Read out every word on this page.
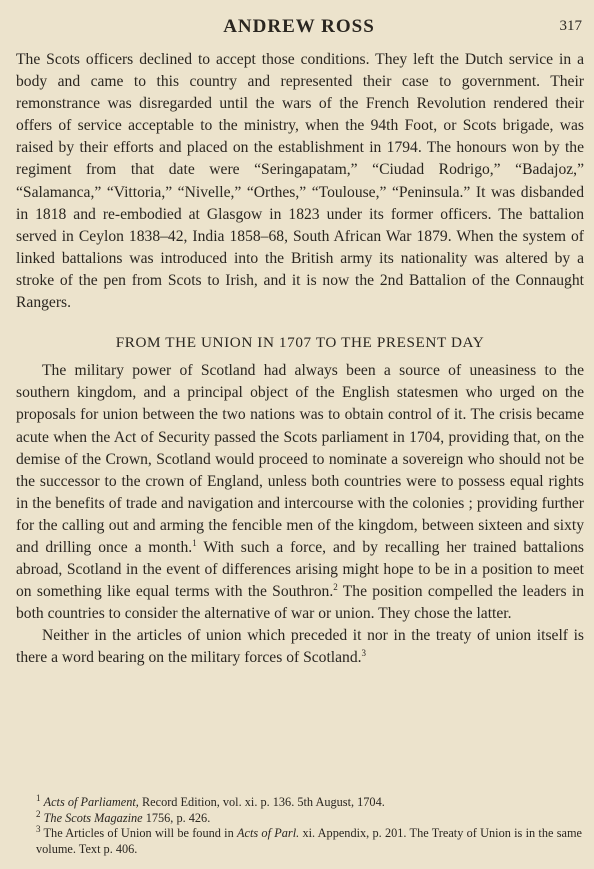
ANDREW ROSS	317

The Scots officers declined to accept those conditions. They left the Dutch service in a body and came to this country and represented their case to government. Their remonstrance was disregarded until the wars of the French Revolution rendered their offers of service acceptable to the ministry, when the 94th Foot, or Scots brigade, was raised by their efforts and placed on the establishment in 1794. The honours won by the regiment from that date were “Seringapatam,” “Ciudad Rodrigo,” “Badajoz,” “Salamanca,” “Vittoria,” “Nivelle,” “Orthes,” “Toulouse,” “Peninsula.” It was disbanded in 1818 and re-embodied at Glasgow in 1823 under its former officers. The battalion served in Ceylon 1838–42, India 1858–68, South African War 1879. When the system of linked battalions was introduced into the British army its nationality was altered by a stroke of the pen from Scots to Irish, and it is now the 2nd Battalion of the Connaught Rangers.

FROM THE UNION IN 1707 TO THE PRESENT DAY

The military power of Scotland had always been a source of uneasiness to the southern kingdom, and a principal object of the English statesmen who urged on the proposals for union between the two nations was to obtain control of it. The crisis became acute when the Act of Security passed the Scots parliament in 1704, providing that, on the demise of the Crown, Scotland would proceed to nominate a sovereign who should not be the successor to the crown of England, unless both countries were to possess equal rights in the benefits of trade and navigation and intercourse with the colonies ; providing further for the calling out and arming the fencible men of the kingdom, between sixteen and sixty and drilling once a month.$^1$ With such a force, and by recalling her trained battalions abroad, Scotland in the event of differences arising might hope to be in a position to meet on something like equal terms with the Southron.$^2$ The position compelled the leaders in both countries to consider the alternative of war or union. They chose the latter.

Neither in the articles of union which preceded it nor in the treaty of union itself is there a word bearing on the military forces of Scotland.$^3$

$^1$ Acts of Parliament, Record Edition, vol. xi. p. 136. 5th August, 1704.

$^2$ The Scots Magazine 1756, p. 426.

$^3$ The Articles of Union will be found in Acts of Parl. xi. Appendix, p. 201. The Treaty of Union is in the same volume. Text p. 406.
